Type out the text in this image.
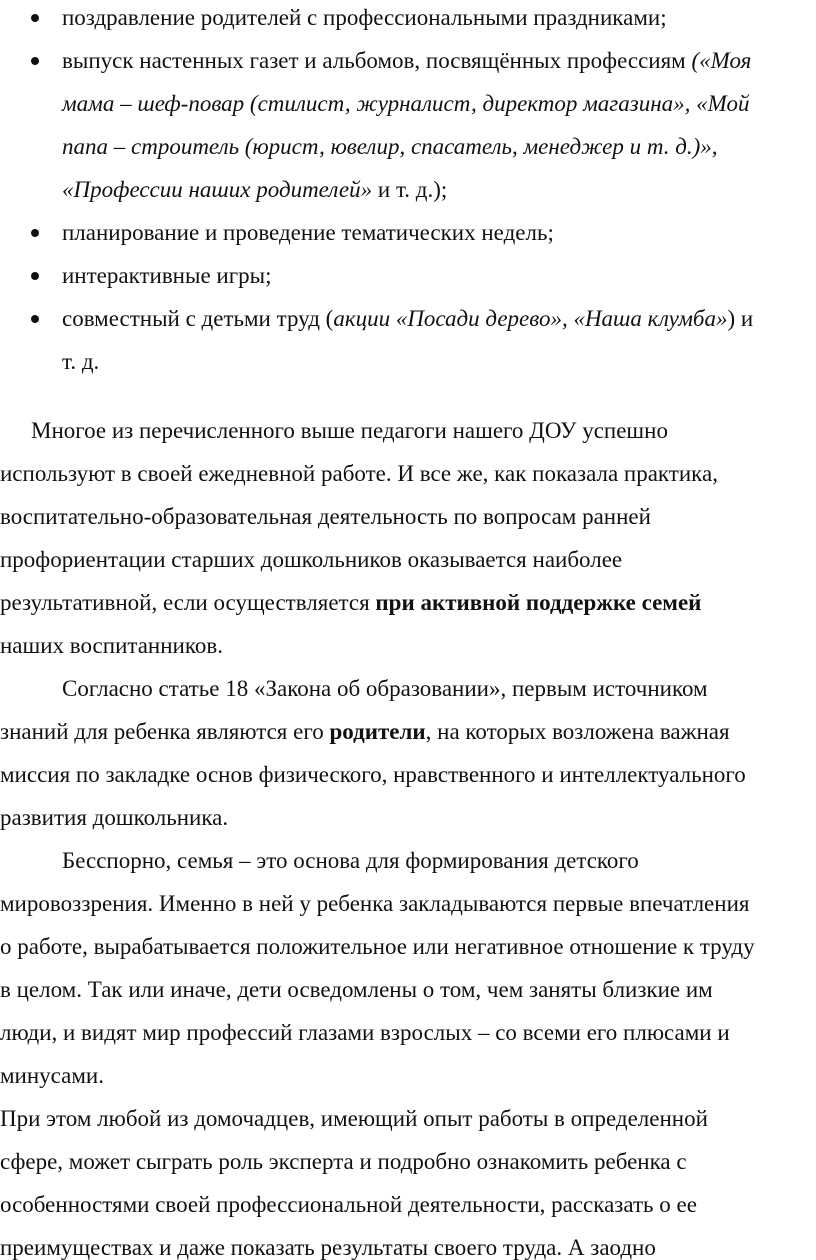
поздравление родителей с профессиональными праздниками;
выпуск настенных газет и альбомов, посвящённых профессиям («Моя
мама – шеф-повар (стилист, журналист, директор магазина», «Мой
папа – строитель (юрист, ювелир, спасатель, менеджер и т. д.)»,
«Профессии наших родителей» и т. д.);
планирование и проведение тематических недель;
интерактивные игры;
совместный с детьми труд (акции «Посади дерево», «Наша клумба») и
т. д.
Многое из перечисленного выше педагоги нашего ДОУ успешно
используют в своей ежедневной работе. И все же, как показала практика,
воспитательно-образовательная деятельность по вопросам ранней
профориентации старших дошкольников оказывается наиболее
результативной, если осуществляется при активной поддержке семей
наших воспитанников.
Согласно статье 18 «Закона об образовании», первым источником
знаний для ребенка являются его родители, на которых возложена важная
миссия по закладке основ физического, нравственного и интеллектуального
развития дошкольника.
Бесспорно, семья – это основа для формирования детского
мировоззрения. Именно в ней у ребенка закладываются первые впечатления
о работе, вырабатывается положительное или негативное отношение к труду
в целом. Так или иначе, дети осведомлены о том, чем заняты близкие им
люди, и видят мир профессий глазами взрослых – со всеми его плюсами и
минусами.
При этом любой из домочадцев, имеющий опыт работы в определенной
сфере, может сыграть роль эксперта и подробно ознакомить ребенка с
особенностями своей профессиональной деятельности, рассказать о ее
преимуществах и даже показать результаты своего труда. А заодно
